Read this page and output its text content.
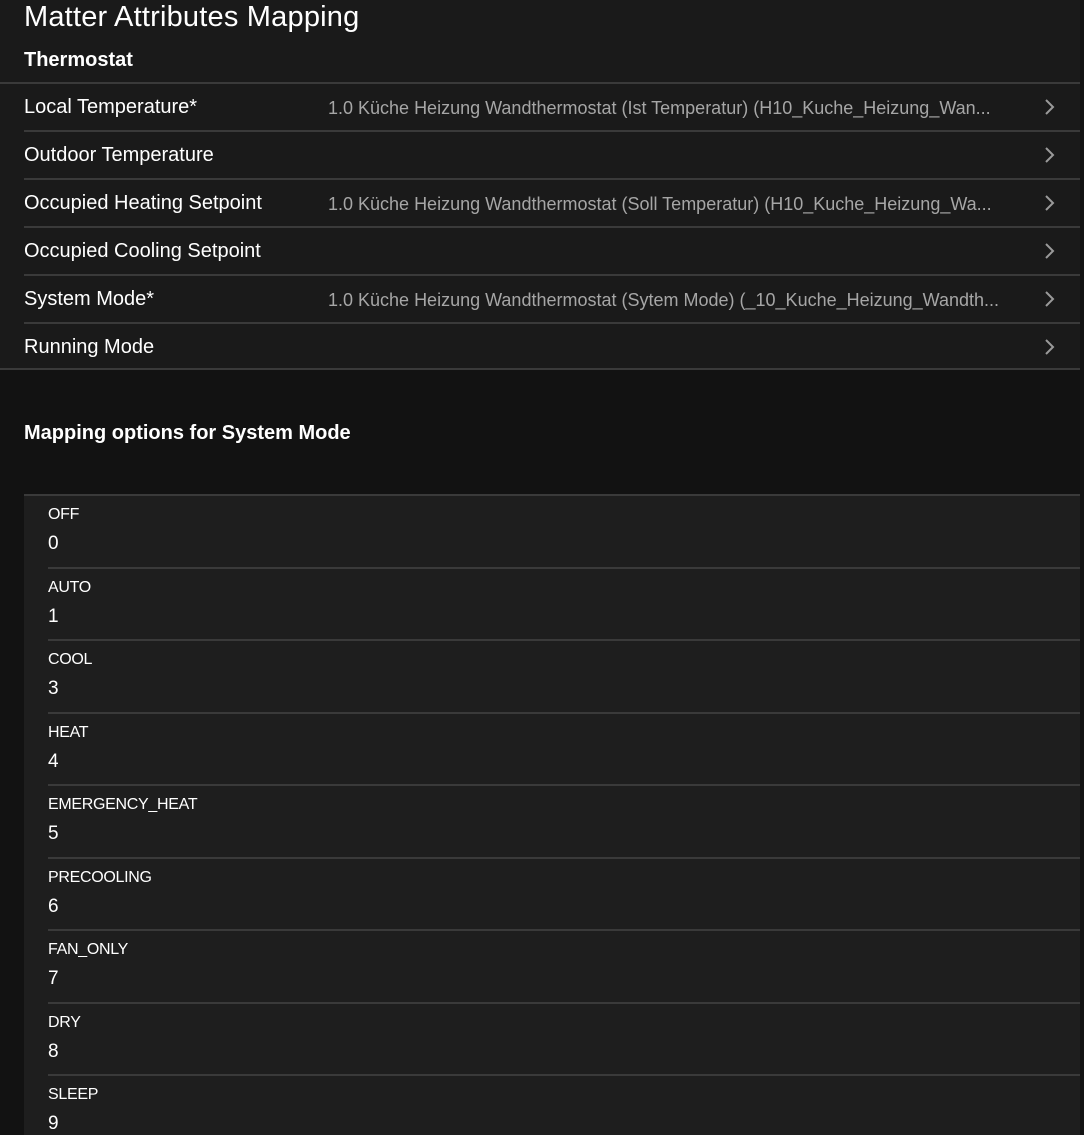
Matter Attributes Mapping
Thermostat
Local Temperature*	1.0 Küche Heizung Wandthermostat (Ist Temperatur) (H10_Kuche_Heizung_Wan...
Outdoor Temperature
Occupied Heating Setpoint	1.0 Küche Heizung Wandthermostat (Soll Temperatur) (H10_Kuche_Heizung_Wa...
Occupied Cooling Setpoint
System Mode*	1.0 Küche Heizung Wandthermostat (Sytem Mode) (_10_Kuche_Heizung_Wandth...
Running Mode
Mapping options for System Mode
OFF
0
AUTO
1
COOL
3
HEAT
4
EMERGENCY_HEAT
5
PRECOOLING
6
FAN_ONLY
7
DRY
8
SLEEP
9
